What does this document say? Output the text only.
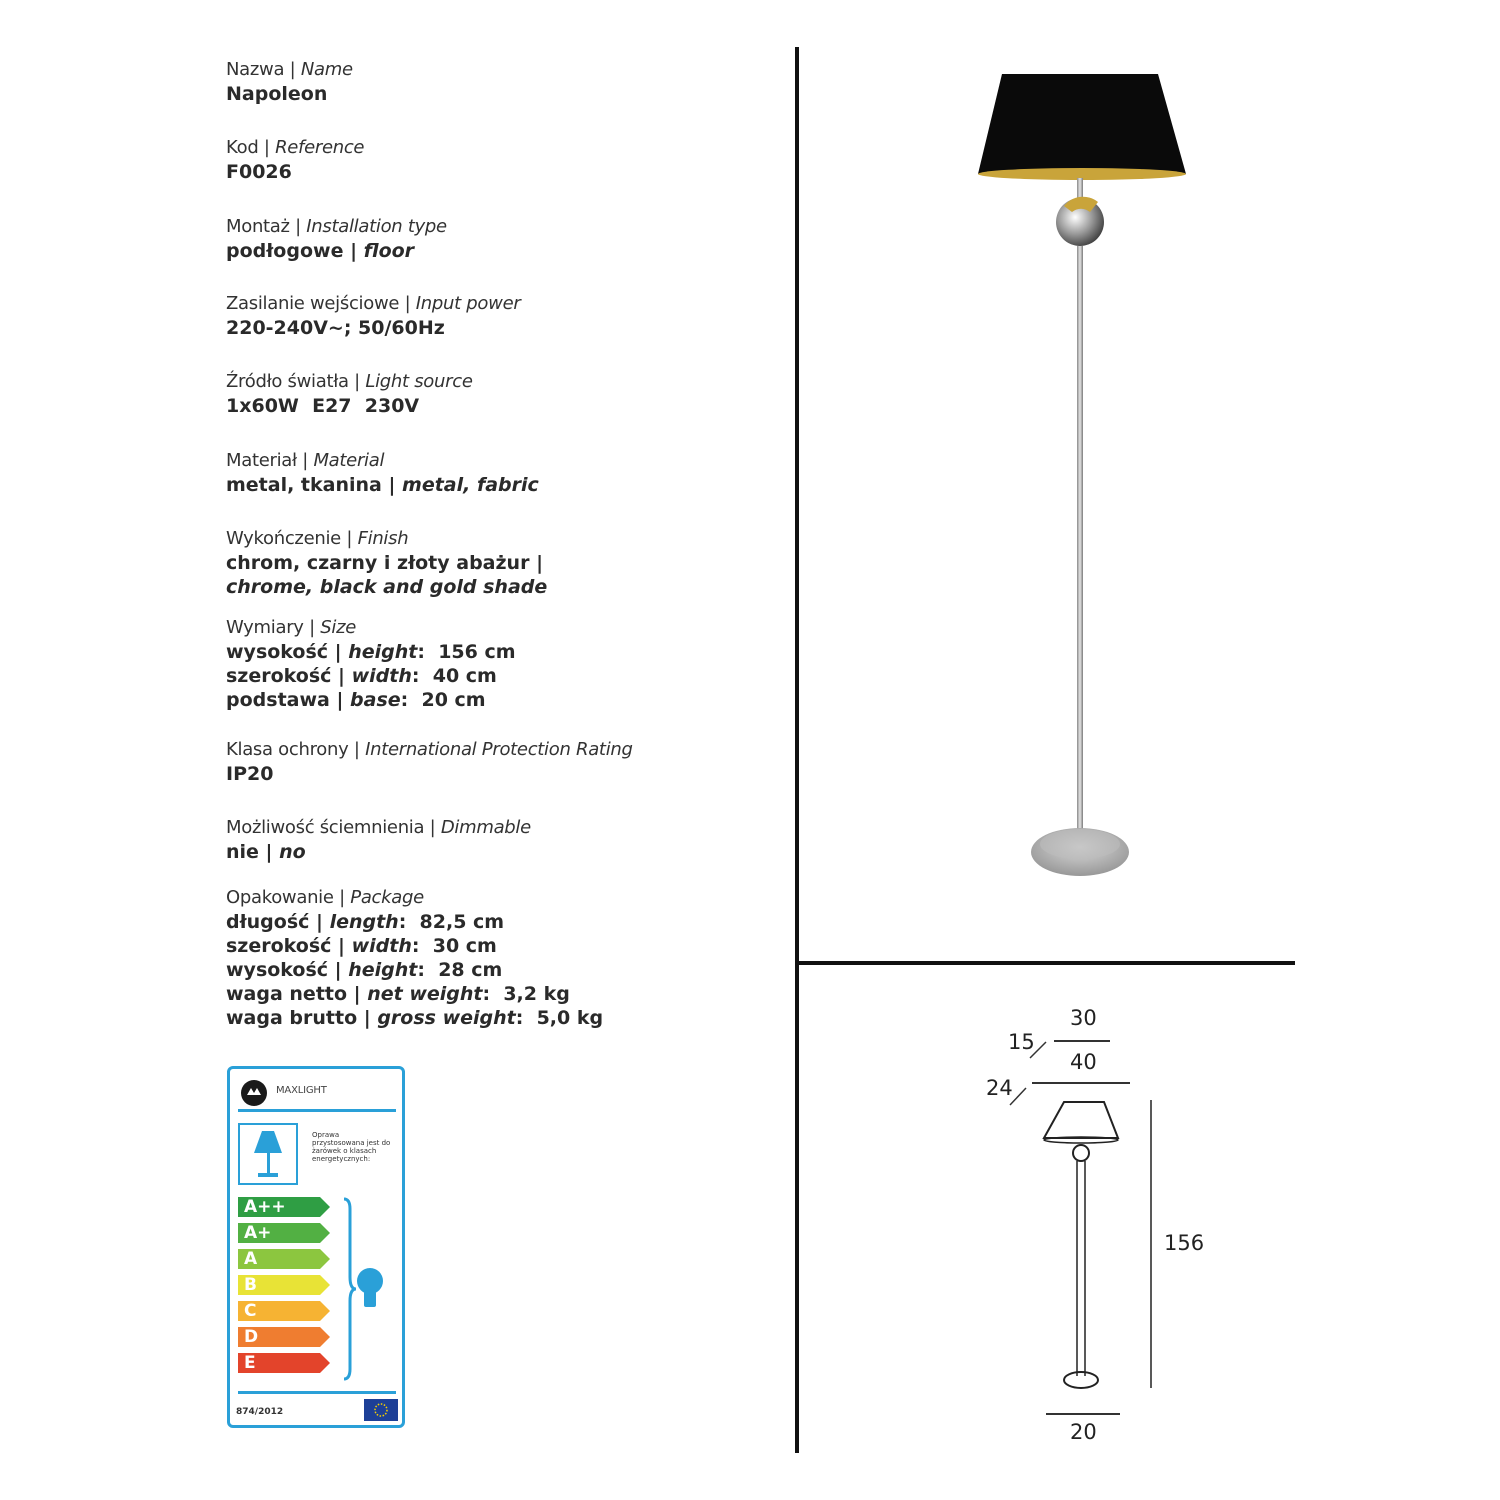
Nazwa | Name
Napoleon
Kod | Reference
F0026
Montaż | Installation type
podłogowe | floor
Zasilanie wejściowe | Input power
220-240V~; 50/60Hz
Źródło światła | Light source
1x60W  E27  230V
Materiał | Material
metal, tkanina | metal, fabric
Wykończenie | Finish
chrom, czarny i złoty abażur |
chrome, black and gold shade
Wymiary | Size
wysokość | height:  156 cm
szerokość | width:  40 cm
podstawa | base:  20 cm
Klasa ochrony | International Protection Rating
IP20
Możliwość ściemnienia | Dimmable
nie | no
Opakowanie | Package
długość | length:  82,5 cm
szerokość | width:  30 cm
wysokość | height:  28 cm
waga netto | net weight:  3,2 kg
waga brutto | gross weight:  5,0 kg	30
40
15
24
156
20
MAXLIGHT
Oprawa przystosowana jest do żarówek o klasach energetycznych:
A++
A+
A
B
C
D
E
874/2012
